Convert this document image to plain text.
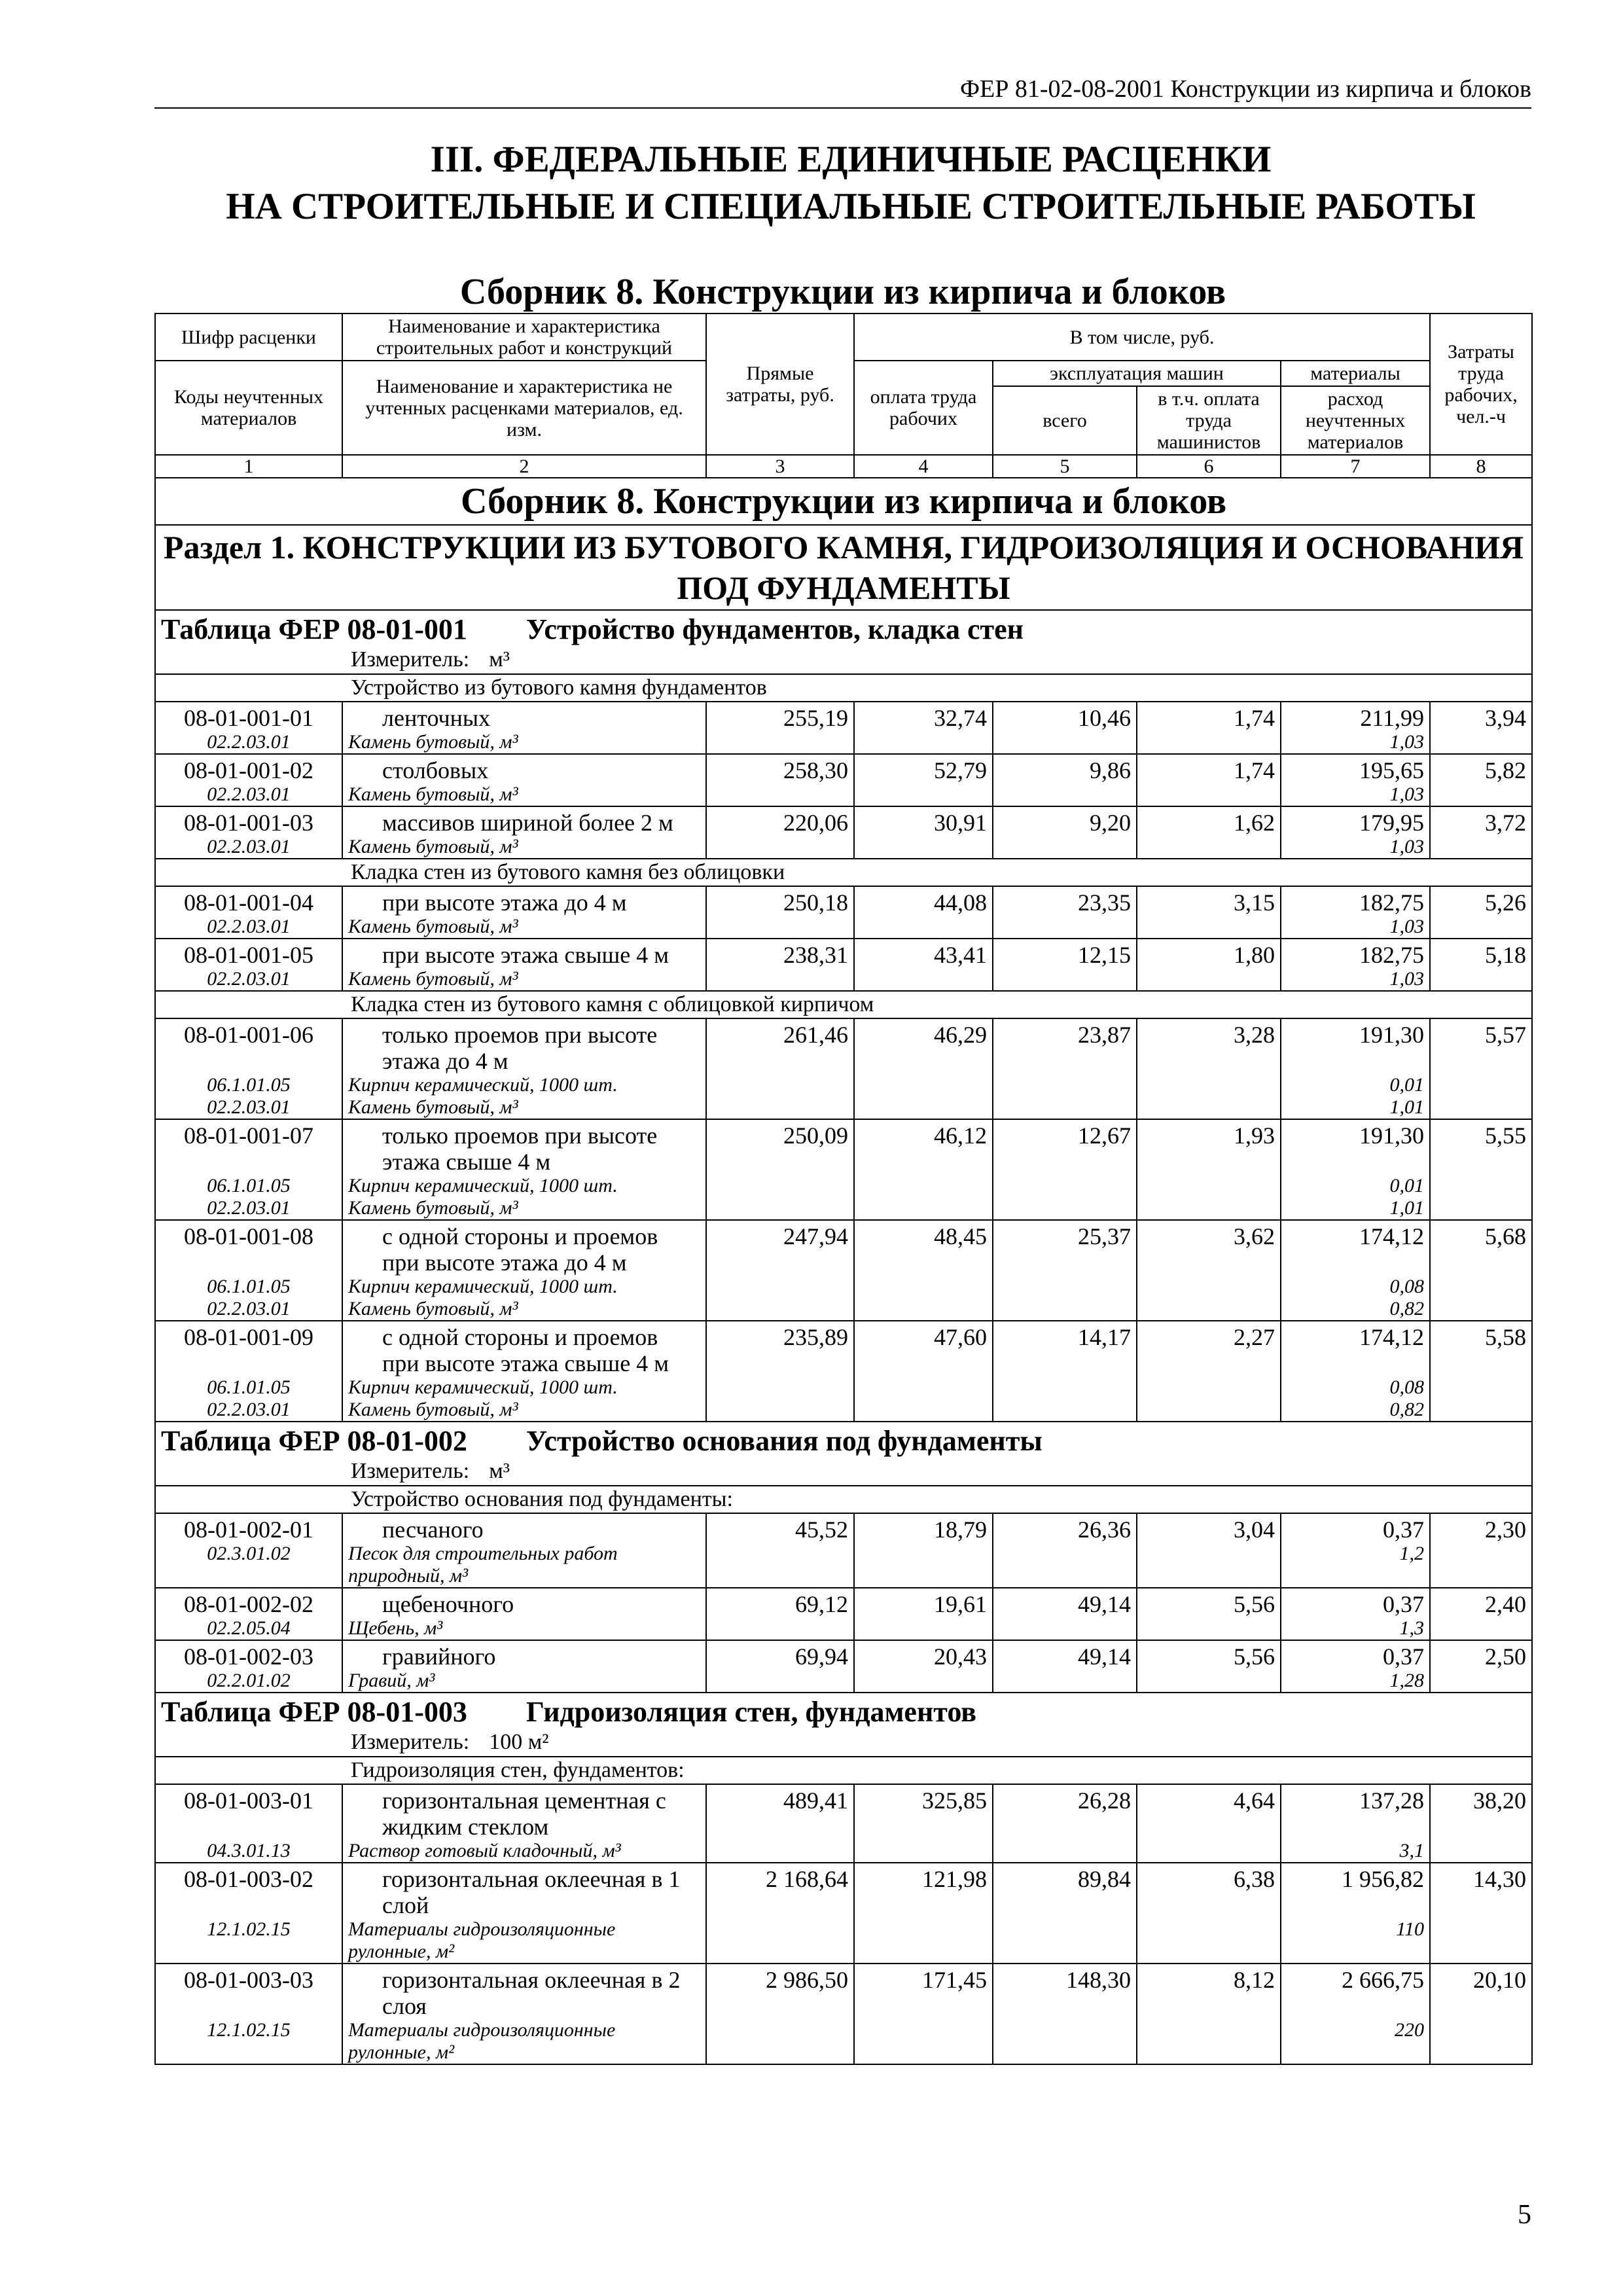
ФЕР 81-02-08-2001 Конструкции из кирпича и блоков
III. ФЕДЕРАЛЬНЫЕ ЕДИНИЧНЫЕ РАСЦЕНКИ
НА СТРОИТЕЛЬНЫЕ И СПЕЦИАЛЬНЫЕ СТРОИТЕЛЬНЫЕ РАБОТЫ
Сборник 8. Конструкции из кирпича и блоков
Шифр расценки	Наименование и характеристика строительных работ и конструкций	Прямые затраты, руб.	В том числе, руб.				Затраты труда рабочих, чел.-ч
Коды неучтенных материалов	Наименование и характеристика не учтенных расценками материалов, ед. изм.		оплата труда рабочих	эксплуатация машин		материалы	
				всего	в т.ч. оплата труда машинистов	расход неучтенных материалов	
1	2	3	4	5	6	7	8
Сборник 8. Конструкции из кирпича и блоков							
Раздел 1. КОНСТРУКЦИИ ИЗ БУТОВОГО КАМНЯ, ГИДРОИЗОЛЯЦИЯ И ОСНОВАНИЯ ПОД ФУНДАМЕНТЫ							
Таблица ФЕР 08-01-001 Устройство фундаментов, кладка стен							
Измеритель: м³							
Устройство из бутового камня фундаментов							
08-01-001-01	ленточных	255,19	32,74	10,46	1,74	211,99	3,94
02.2.03.01	Камень бутовый, м³					1,03	
08-01-001-02	столбовых	258,30	52,79	9,86	1,74	195,65	5,82
02.2.03.01	Камень бутовый, м³					1,03	
08-01-001-03	массивов шириной более 2 м	220,06	30,91	9,20	1,62	179,95	3,72
02.2.03.01	Камень бутовый, м³					1,03	
Кладка стен из бутового камня без облицовки							
08-01-001-04	при высоте этажа до 4 м	250,18	44,08	23,35	3,15	182,75	5,26
02.2.03.01	Камень бутовый, м³					1,03	
08-01-001-05	при высоте этажа свыше 4 м	238,31	43,41	12,15	1,80	182,75	5,18
02.2.03.01	Камень бутовый, м³					1,03	
Кладка стен из бутового камня с облицовкой кирпичом							
08-01-001-06	только проемов при высоте этажа до 4 м	261,46	46,29	23,87	3,28	191,30	5,57
06.1.01.05	Кирпич керамический, 1000 шт.					0,01	
02.2.03.01	Камень бутовый, м³					1,01	
08-01-001-07	только проемов при высоте этажа свыше 4 м	250,09	46,12	12,67	1,93	191,30	5,55
06.1.01.05	Кирпич керамический, 1000 шт.					0,01	
02.2.03.01	Камень бутовый, м³					1,01	
08-01-001-08	с одной стороны и проемов при высоте этажа до 4 м	247,94	48,45	25,37	3,62	174,12	5,68
06.1.01.05	Кирпич керамический, 1000 шт.					0,08	
02.2.03.01	Камень бутовый, м³					0,82	
08-01-001-09	с одной стороны и проемов при высоте этажа свыше 4 м	235,89	47,60	14,17	2,27	174,12	5,58
06.1.01.05	Кирпич керамический, 1000 шт.					0,08	
02.2.03.01	Камень бутовый, м³					0,82	
Таблица ФЕР 08-01-002 Устройство основания под фундаменты							
Измеритель: м³							
Устройство основания под фундаменты:							
08-01-002-01	песчаного	45,52	18,79	26,36	3,04	0,37	2,30
02.3.01.02	Песок для строительных работ природный, м³					1,2	
08-01-002-02	щебеночного	69,12	19,61	49,14	5,56	0,37	2,40
02.2.05.04	Щебень, м³					1,3	
08-01-002-03	гравийного	69,94	20,43	49,14	5,56	0,37	2,50
02.2.01.02	Гравий, м³					1,28	
Таблица ФЕР 08-01-003 Гидроизоляция стен, фундаментов							
Измеритель: 100 м²							
Гидроизоляция стен, фундаментов:							
08-01-003-01	горизонтальная цементная с жидким стеклом	489,41	325,85	26,28	4,64	137,28	38,20
04.3.01.13	Раствор готовый кладочный, м³					3,1	
08-01-003-02	горизонтальная оклеечная в 1 слой	2 168,64	121,98	89,84	6,38	1 956,82	14,30
12.1.02.15	Материалы гидроизоляционные рулонные, м²					110	
08-01-003-03	горизонтальная оклеечная в 2 слоя	2 986,50	171,45	148,30	8,12	2 666,75	20,10
12.1.02.15	Материалы гидроизоляционные рулонные, м²					220	
5
